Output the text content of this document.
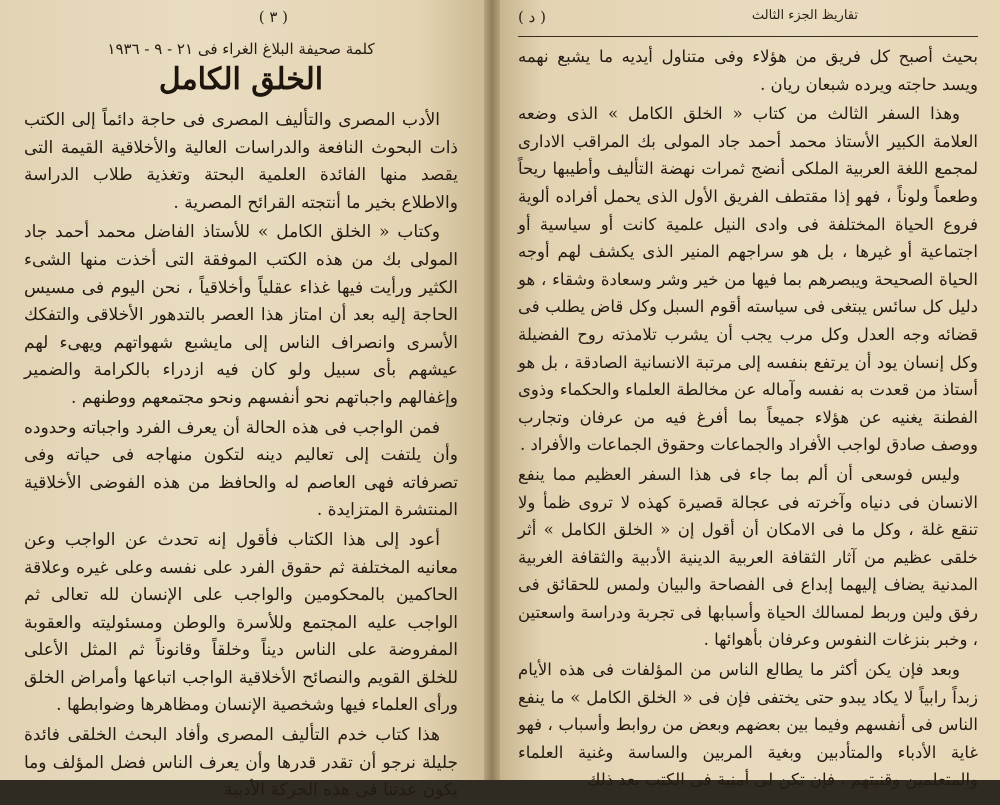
( ٣ )
كلمة صحيفة البلاغ الغراء فى ٢١ - ٩ - ١٩٣٦
الخلق الكامل

الأدب المصرى والتأليف المصرى فى حاجة دائماً إلى الكتب ذات البحوث النافعة والدراسات العالية والأخلاقية القيمة التى يقصد منها الفائدة العلمية البحتة وتغذية طلاب الدراسة والاطلاع بخير ما أنتجته القرائح المصرية .

وكتاب « الخلق الكامل » للأستاذ الفاضل محمد أحمد جاد المولى بك من هذه الكتب الموفقة التى أخذت منها الشىء الكثير ورأيت فيها غذاء عقلياً وأخلاقياً ، نحن اليوم فى مسيس الحاجة إليه بعد أن امتاز هذا العصر بالتدهور الأخلاقى والتفكك الأسرى وانصراف الناس إلى مايشبع شهواتهم ويهىء لهم عيشهم بأى سبيل ولو كان فيه ازدراء بالكرامة والضمير وإغفالهم واجباتهم نحو أنفسهم ونحو مجتمعهم ووطنهم .

فمن الواجب فى هذه الحالة أن يعرف الفرد واجباته وحدوده وأن يلتفت إلى تعاليم دينه لتكون منهاجه فى حياته وفى تصرفاته فهى العاصم له والحافظ من هذه الفوضى الأخلاقية المنتشرة المتزايدة .

أعود إلى هذا الكتاب فأقول إنه تحدث عن الواجب وعن معانيه المختلفة ثم حقوق الفرد على نفسه وعلى غيره وعلاقة الحاكمين بالمحكومين والواجب على الإنسان لله تعالى ثم الواجب عليه المجتمع وللأسرة والوطن ومسئوليته والعقوبة المفروضة على الناس ديناً وخلقاً وقانوناً ثم المثل الأعلى للخلق القويم والنصائح الأخلاقية الواجب اتباعها وأمراض الخلق ورأى العلماء فيها وشخصية الإنسان ومظاهرها وضوابطها .

هذا كتاب خدم التأليف المصرى وأفاد البحث الخلقى فائدة جليلة نرجو أن تقدر قدرها وأن يعرف الناس فضل المؤلف وما يكون عدتنا فى هذه الحركة الأدبية

( د )	تقاريظ الجزء الثالث

بحيث أصبح كل فريق من هؤلاء وفى متناول أيديه ما يشبع نهمه ويسد حاجته ويرده شبعان ريان .

وهذا السفر الثالث من كتاب « الخلق الكامل » الذى وضعه العلامة الكبير الأستاذ محمد أحمد جاد المولى بك المراقب الادارى لمجمع اللغة العربية الملكى أنضج ثمرات نهضة التأليف وأطيبها ريحاً وطعماً ولوناً ، فهو إذا مقتطف الفريق الأول الذى يحمل أفراده ألوية فروع الحياة المختلفة فى وادى النيل علمية كانت أو سياسية أو اجتماعية أو غيرها ، بل هو سراجهم المنير الذى يكشف لهم أوجه الحياة الصحيحة ويبصرهم بما فيها من خير وشر وسعادة وشقاء ، هو دليل كل سائس يبتغى فى سياسته أقوم السبل وكل قاض يطلب فى قضائه وجه العدل وكل مرب يجب أن يشرب تلامذته روح الفضيلة وكل إنسان يود أن يرتفع بنفسه إلى مرتبة الانسانية الصادقة ، بل هو أستاذ من قعدت به نفسه وآماله عن مخالطة العلماء والحكماء وذوى الفطنة يغنيه عن هؤلاء جميعاً بما أفرغ فيه من عرفان وتجارب ووصف صادق لواجب الأفراد والجماعات وحقوق الجماعات والأفراد .

وليس فوسعى أن ألم بما جاء فى هذا السفر العظيم مما ينفع الانسان فى دنياه وآخرته فى عجالة قصيرة كهذه لا تروى ظمأ ولا تنقع غلة ، وكل ما فى الامكان أن أقول إن « الخلق الكامل » أثر خلقى عظيم من آثار الثقافة العربية الدينية الأدبية والثقافة الغربية المدنية يضاف إليهما إبداع فى الفصاحة والبيان ولمس للحقائق فى رفق ولين وربط لمسالك الحياة وأسبابها فى تجربة ودراسة واسعتين ، وخبر بنزغات النفوس وعرفان بأهوائها .

وبعد فإن يكن أكثر ما يطالع الناس من المؤلفات فى هذه الأيام زبداً رابياً لا يكاد يبدو حتى يختفى فإن فى « الخلق الكامل » ما ينفع الناس فى أنفسهم وفيما بين بعضهم وبعض من روابط وأسباب ، فهو غاية الأدباء والمتأدبين وبغية المربين والساسة وغنية العلماء والمتعلمين وقنيتهم ، فإن تكن لى أمنية فى الكتب بعد ذلك
